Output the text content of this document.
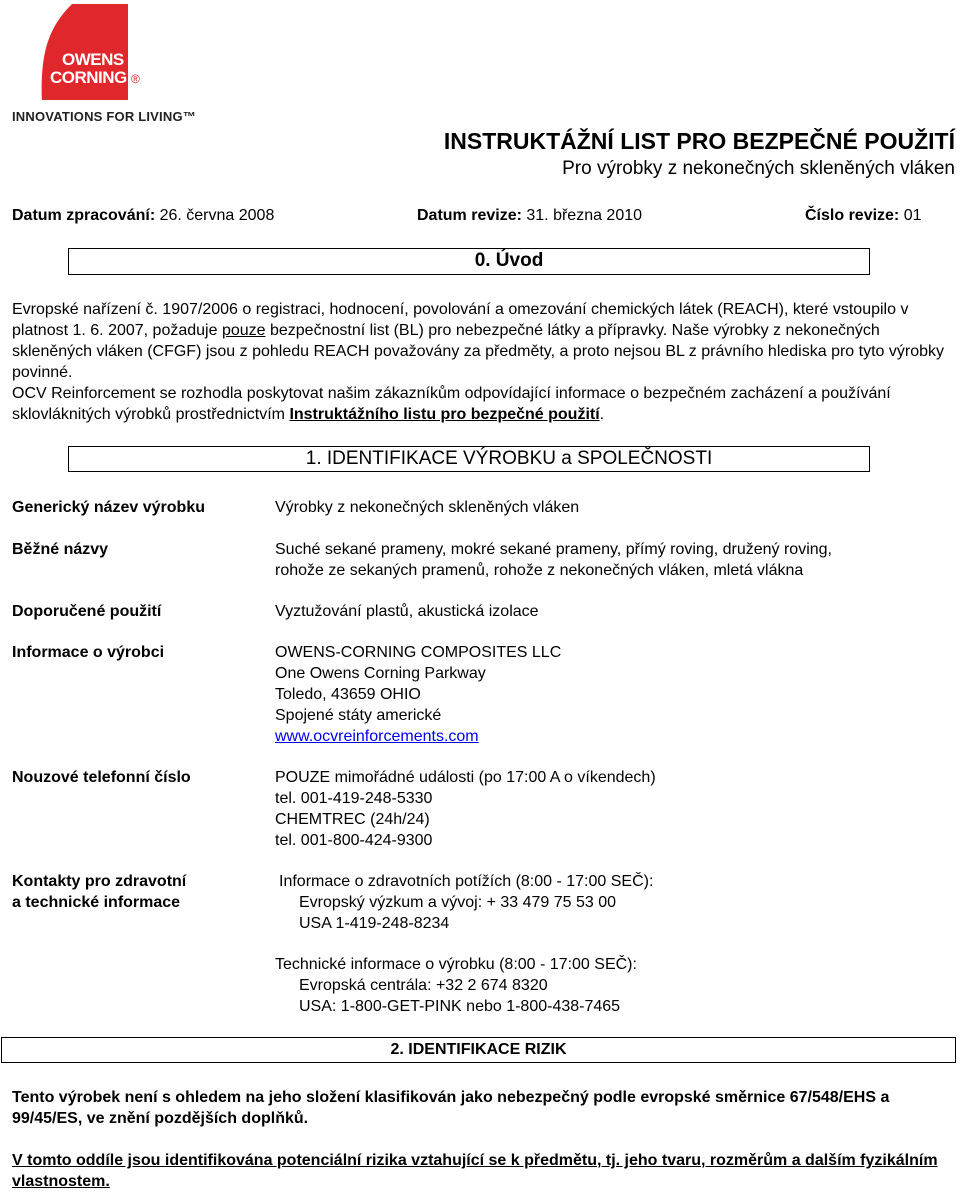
OWENS
CORNING ®
INNOVATIONS FOR LIVING™
INSTRUKTÁŽNÍ LIST PRO BEZPEČNÉ POUŽITÍ
Pro výrobky z nekonečných skleněných vláken
Datum zpracování: 26. června 2008	Datum revize: 31. března 2010	Číslo revize: 01
0. Úvod
Evropské nařízení č. 1907/2006 o registraci, hodnocení, povolování a omezování chemických látek (REACH), které vstoupilo v platnost 1. 6. 2007, požaduje pouze bezpečnostní list (BL) pro nebezpečné látky a přípravky. Naše výrobky z nekonečných skleněných vláken (CFGF) jsou z pohledu REACH považovány za předměty, a proto nejsou BL z právního hlediska pro tyto výrobky povinné.
OCV Reinforcement se rozhodla poskytovat našim zákazníkům odpovídající informace o bezpečném zacházení a používání sklovláknitých výrobků prostřednictvím Instruktážního listu pro bezpečné použití.
1. IDENTIFIKACE VÝROBKU a SPOLEČNOSTI
Generický název výrobku	Výrobky z nekonečných skleněných vláken
Běžné názvy	Suché sekané prameny, mokré sekané prameny, přímý roving, družený roving,
rohože ze sekaných pramenů, rohože z nekonečných vláken, mletá vlákna
Doporučené použití	Vyztužování plastů, akustická izolace
Informace o výrobci	OWENS-CORNING COMPOSITES LLC
One Owens Corning Parkway
Toledo, 43659 OHIO
Spojené státy americké
www.ocvreinforcements.com
Nouzové telefonní číslo	POUZE mimořádné události (po 17:00 A o víkendech)
tel. 001-419-248-5330
CHEMTREC (24h/24)
tel. 001-800-424-9300
Kontakty pro zdravotní
a technické informace
Informace o zdravotních potížích (8:00 - 17:00 SEČ):
Evropský výzkum a vývoj: + 33 479 75 53 00
USA 1-419-248-8234
Technické informace o výrobku (8:00 - 17:00 SEČ):
Evropská centrála: +32 2 674 8320
USA: 1-800-GET-PINK nebo 1-800-438-7465
2. IDENTIFIKACE RIZIK
Tento výrobek není s ohledem na jeho složení klasifikován jako nebezpečný podle evropské směrnice 67/548/EHS a 99/45/ES, ve znění pozdějších doplňků.
V tomto oddíle jsou identifikována potenciální rizika vztahující se k předmětu, tj. jeho tvaru, rozměrům a dalším fyzikálním vlastnostem.
